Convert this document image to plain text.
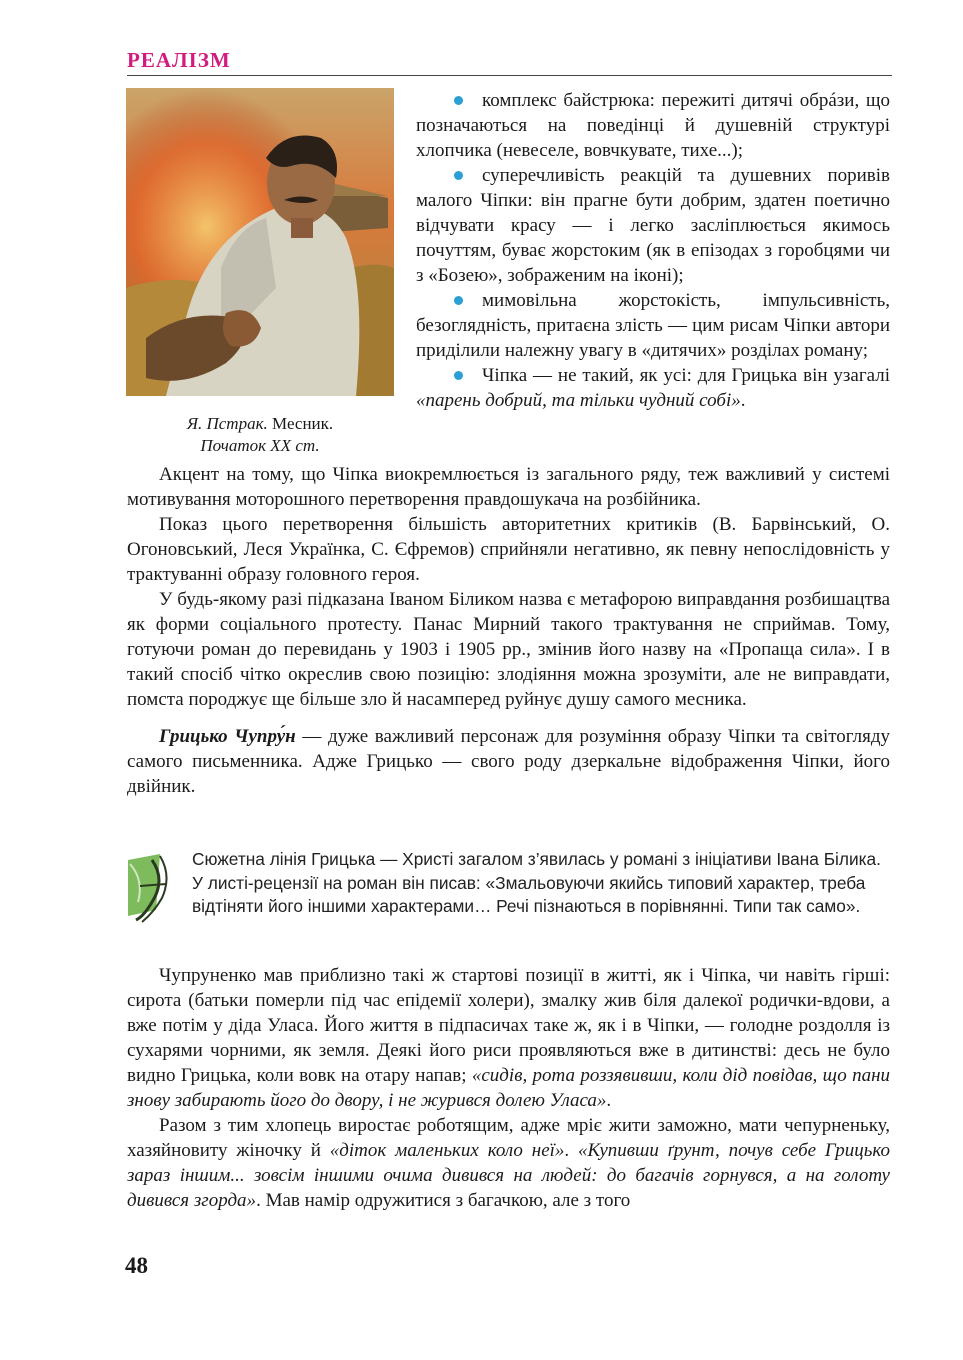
РЕАЛІЗМ
Я. Пстрак. Месник.
Початок XX ст.

комплекс байстрюка: пережиті дитячі обрáзи, що позначаються на поведінці й душевній структурі хлопчика (невеселе, вовчкувате, тихе...);

суперечливість реакцій та душевних поривів малого Чіпки: він прагне бути добрим, здатен поетично відчувати красу — і легко засліплюється якимось почуттям, буває жорстоким (як в епізодах з горобцями чи з «Бозею», зображеним на іконі);

мимовільна жорстокість, імпульсивність, безоглядність, притаєна злість — цим рисам Чіпки автори приділили належну увагу в «дитячих» розділах роману;

Чіпка — не такий, як усі: для Грицька він узагалі «парень добрий, та тільки чудний собі».

Акцент на тому, що Чіпка виокремлюється із загального ряду, теж важливий у системі мотивування моторошного перетворення правдошукача на розбійника.

Показ цього перетворення більшість авторитетних критиків (В. Барвінський, О. Огоновський, Леся Українка, С. Єфремов) сприйняли негативно, як певну непослідовність у трактуванні образу головного героя.

У будь-якому разі підказана Іваном Біликом назва є метафорою виправдання розбишацтва як форми соціального протесту. Панас Мирний такого трактування не сприймав. Тому, готуючи роман до перевидань у 1903 і 1905 рр., змінив його назву на «Пропаща сила». І в такий спосіб чітко окреслив свою позицію: злодіяння можна зрозуміти, але не виправдати, помста породжує ще більше зло й насамперед руйнує душу самого месника.

Грицько Чупру́н — дуже важливий персонаж для розуміння образу Чіпки та світогляду самого письменника. Адже Грицько — свого роду дзеркальне відображення Чіпки, його двійник.

Сюжетна лінія Грицька — Христі загалом з’явилась у романі з ініціативи Івана Білика. У листі-рецензії на роман він писав: «Змальовуючи якийсь типовий характер, треба відтіняти його іншими характерами… Речі пізнаються в порівнянні. Типи так само».

Чупруненко мав приблизно такі ж стартові позиції в житті, як і Чіпка, чи навіть гірші: сирота (батьки померли під час епідемії холери), змалку жив біля далекої родички-вдови, а вже потім у діда Уласа. Його життя в підпасичах таке ж, як і в Чіпки, — голодне роздолля із сухарями чорними, як земля. Деякі його риси проявляються вже в дитинстві: десь не було видно Грицька, коли вовк на отару напав; «сидів, рота роззявивши, коли дід повідав, що пани знову забирають його до двору, і не журився долею Уласа».

Разом з тим хлопець виростає роботящим, адже мріє жити заможно, мати чепурненьку, хазяйновиту жіночку й «діток маленьких коло неї». «Купивши ґрунт, почув себе Грицько зараз іншим... зовсім іншими очима дивився на людей: до багачів горнувся, а на голоту дивився згорда». Мав намір одружитися з багачкою, але з того

48
